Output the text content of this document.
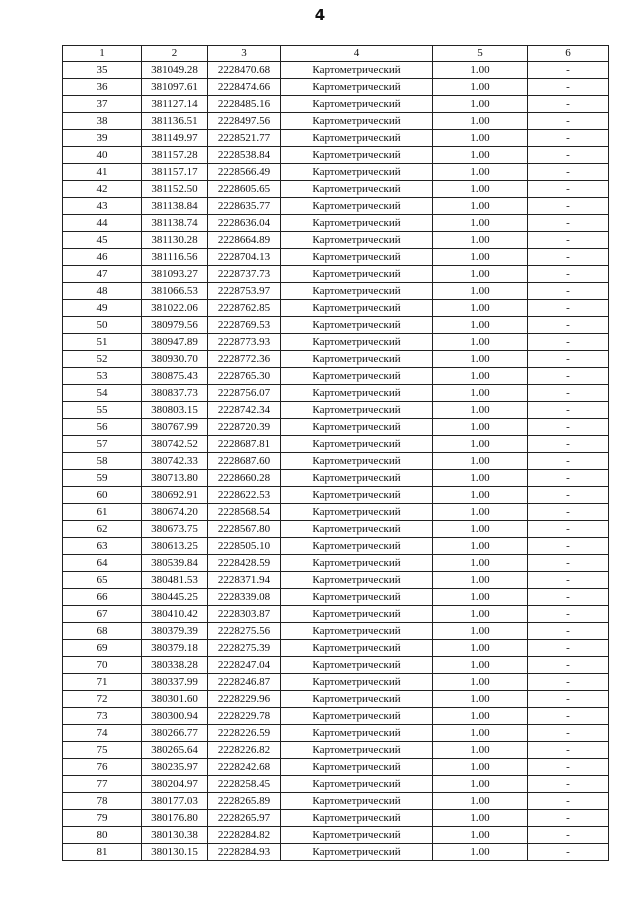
4
1	2	3	4	5	6
35	381049.28	2228470.68	Картометрический	1.00	-
36	381097.61	2228474.66	Картометрический	1.00	-
37	381127.14	2228485.16	Картометрический	1.00	-
38	381136.51	2228497.56	Картометрический	1.00	-
39	381149.97	2228521.77	Картометрический	1.00	-
40	381157.28	2228538.84	Картометрический	1.00	-
41	381157.17	2228566.49	Картометрический	1.00	-
42	381152.50	2228605.65	Картометрический	1.00	-
43	381138.84	2228635.77	Картометрический	1.00	-
44	381138.74	2228636.04	Картометрический	1.00	-
45	381130.28	2228664.89	Картометрический	1.00	-
46	381116.56	2228704.13	Картометрический	1.00	-
47	381093.27	2228737.73	Картометрический	1.00	-
48	381066.53	2228753.97	Картометрический	1.00	-
49	381022.06	2228762.85	Картометрический	1.00	-
50	380979.56	2228769.53	Картометрический	1.00	-
51	380947.89	2228773.93	Картометрический	1.00	-
52	380930.70	2228772.36	Картометрический	1.00	-
53	380875.43	2228765.30	Картометрический	1.00	-
54	380837.73	2228756.07	Картометрический	1.00	-
55	380803.15	2228742.34	Картометрический	1.00	-
56	380767.99	2228720.39	Картометрический	1.00	-
57	380742.52	2228687.81	Картометрический	1.00	-
58	380742.33	2228687.60	Картометрический	1.00	-
59	380713.80	2228660.28	Картометрический	1.00	-
60	380692.91	2228622.53	Картометрический	1.00	-
61	380674.20	2228568.54	Картометрический	1.00	-
62	380673.75	2228567.80	Картометрический	1.00	-
63	380613.25	2228505.10	Картометрический	1.00	-
64	380539.84	2228428.59	Картометрический	1.00	-
65	380481.53	2228371.94	Картометрический	1.00	-
66	380445.25	2228339.08	Картометрический	1.00	-
67	380410.42	2228303.87	Картометрический	1.00	-
68	380379.39	2228275.56	Картометрический	1.00	-
69	380379.18	2228275.39	Картометрический	1.00	-
70	380338.28	2228247.04	Картометрический	1.00	-
71	380337.99	2228246.87	Картометрический	1.00	-
72	380301.60	2228229.96	Картометрический	1.00	-
73	380300.94	2228229.78	Картометрический	1.00	-
74	380266.77	2228226.59	Картометрический	1.00	-
75	380265.64	2228226.82	Картометрический	1.00	-
76	380235.97	2228242.68	Картометрический	1.00	-
77	380204.97	2228258.45	Картометрический	1.00	-
78	380177.03	2228265.89	Картометрический	1.00	-
79	380176.80	2228265.97	Картометрический	1.00	-
80	380130.38	2228284.82	Картометрический	1.00	-
81	380130.15	2228284.93	Картометрический	1.00	-
